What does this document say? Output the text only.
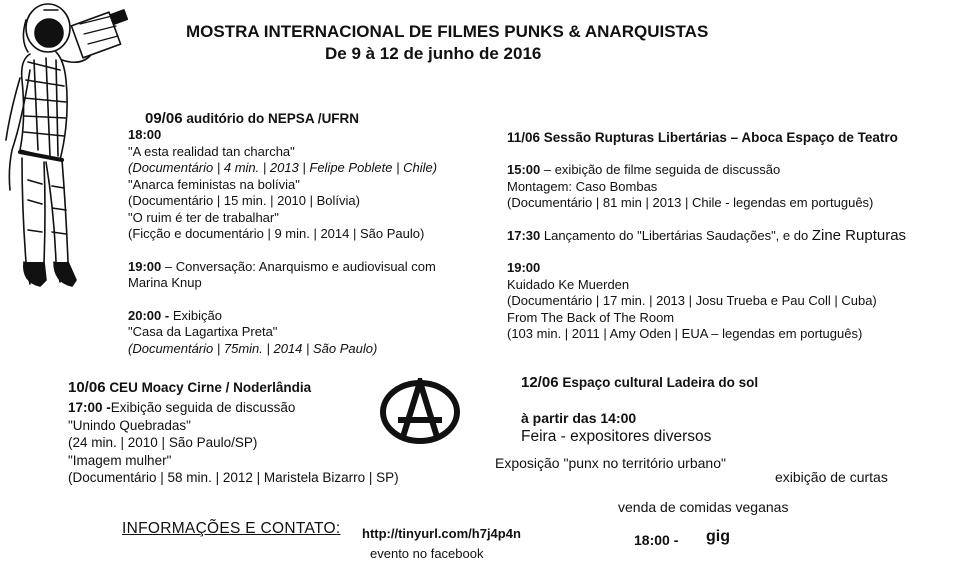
MOSTRA INTERNACIONAL DE FILMES PUNKS & ANARQUISTAS
De 9 à 12 de junho de 2016
09/06 auditório do NEPSA /UFRN
18:00
"A esta realidad tan charcha"
(Documentário | 4 min. | 2013 | Felipe Poblete | Chile)
"Anarca feministas na bolívia"
(Documentário | 15 min. | 2010 | Bolívia)
"O ruim é ter de trabalhar"
(Ficção e documentário | 9 min. | 2014 | São Paulo)
19:00 – Conversação: Anarquismo e audiovisual com
Marina Knup
20:00 - Exibição
"Casa da Lagartixa Preta"
(Documentário | 75min. | 2014 | São Paulo)
11/06 Sessão Rupturas Libertárias – Aboca Espaço de Teatro
15:00 – exibição de filme seguida de discussão
Montagem: Caso Bombas
(Documentário | 81 min | 2013 | Chile - legendas em português)
17:30 Lançamento do "Libertárias Saudações", e do Zine Rupturas
19:00
Kuidado Ke Muerden
(Documentário | 17 min. | 2013 | Josu Trueba e Pau Coll | Cuba)
From The Back of The Room
(103 min. | 2011 | Amy Oden | EUA – legendas em português)
10/06 CEU Moacy Cirne / Noderlândia
17:00 -Exibição seguida de discussão
"Unindo Quebradas"
(24 min. | 2010 | São Paulo/SP)
"Imagem mulher"
(Documentário | 58 min. | 2012 | Maristela Bizarro | SP)
12/06 Espaço cultural Ladeira do sol
à partir das 14:00
Feira - expositores diversos
Exposição "punx no território urbano"
exibição de curtas
venda de comidas veganas
18:00 - gig
INFORMAÇÕES E CONTATO: http://tinyurl.com/h7j4p4n
evento no facebook
